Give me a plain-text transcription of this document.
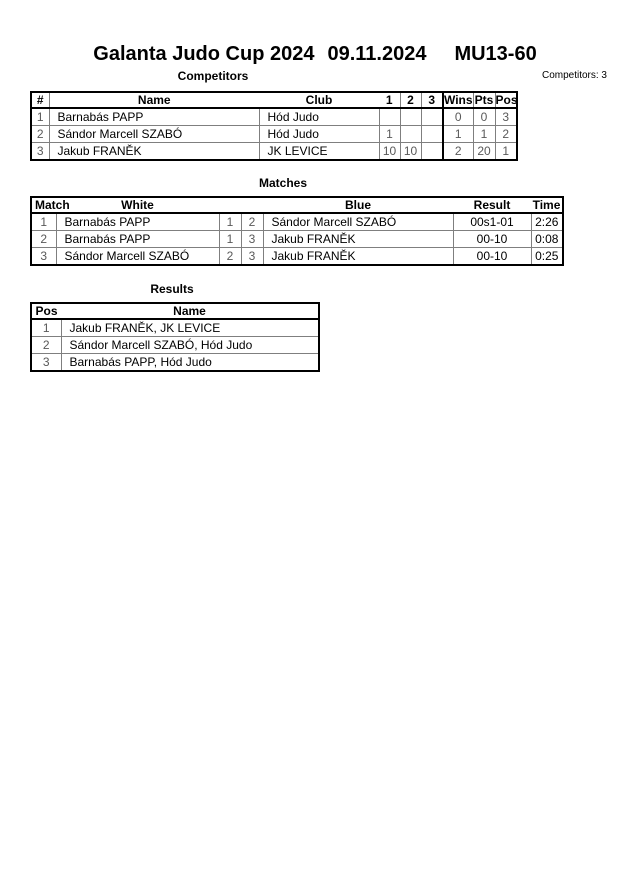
Galanta Judo Cup 2024 09.11.2024 MU13-60
Competitors	Competitors: 3
#	Name	Club	1	2	3	Wins	Pts	Pos
1	Barnabás PAPP	Hód Judo				0	0	3
2	Sándor Marcell SZABÓ	Hód Judo	1			1	1	2
3	Jakub FRANĚK	JK LEVICE	10	10		2	20	1
Matches
Match	White			Blue	Result	Time
1	Barnabás PAPP	1	2	Sándor Marcell SZABÓ	00s1-01	2:26
2	Barnabás PAPP	1	3	Jakub FRANĚK	00-10	0:08
3	Sándor Marcell SZABÓ	2	3	Jakub FRANĚK	00-10	0:25
Results
Pos	Name
1	Jakub FRANĚK, JK LEVICE
2	Sándor Marcell SZABÓ, Hód Judo
3	Barnabás PAPP, Hód Judo
